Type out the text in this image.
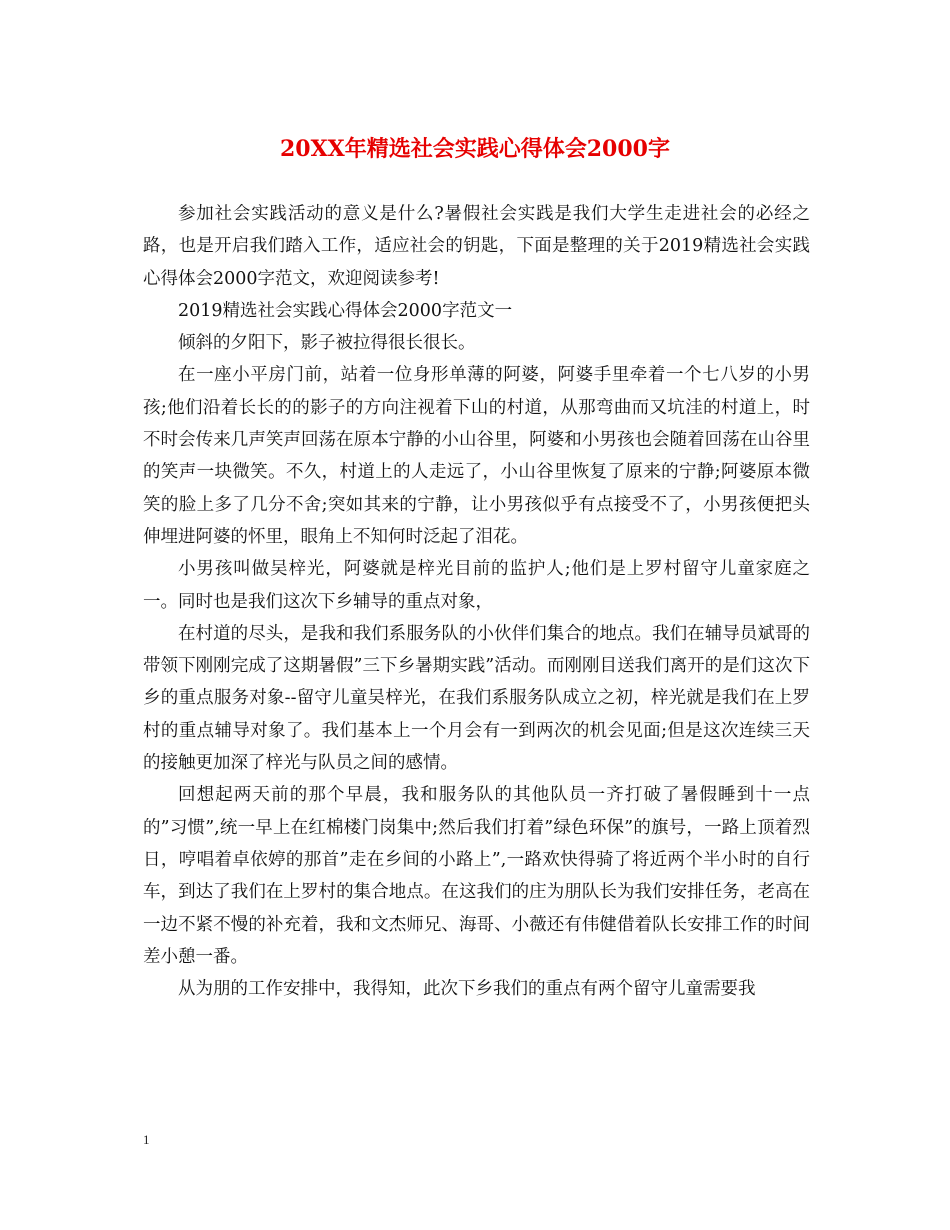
20XX年精选社会实践心得体会2000字

参加社会实践活动的意义是什么?暑假社会实践是我们大学生走进社会的必经之路，也是开启我们踏入工作，适应社会的钥匙，下面是整理的关于2019精选社会实践心得体会2000字范文，欢迎阅读参考!

2019精选社会实践心得体会2000字范文一

倾斜的夕阳下，影子被拉得很长很长。

在一座小平房门前，站着一位身形单薄的阿婆，阿婆手里牵着一个七八岁的小男孩;他们沿着长长的的影子的方向注视着下山的村道，从那弯曲而又坑洼的村道上，时不时会传来几声笑声回荡在原本宁静的小山谷里，阿婆和小男孩也会随着回荡在山谷里的笑声一块微笑。不久，村道上的人走远了，小山谷里恢复了原来的宁静;阿婆原本微笑的脸上多了几分不舍;突如其来的宁静，让小男孩似乎有点接受不了，小男孩便把头伸埋进阿婆的怀里，眼角上不知何时泛起了泪花。

小男孩叫做吴梓光，阿婆就是梓光目前的监护人;他们是上罗村留守儿童家庭之一。同时也是我们这次下乡辅导的重点对象，

在村道的尽头，是我和我们系服务队的小伙伴们集合的地点。我们在辅导员斌哥的带领下刚刚完成了这期暑假”三下乡暑期实践”活动。而刚刚目送我们离开的是们这次下乡的重点服务对象--留守儿童吴梓光，在我们系服务队成立之初，梓光就是我们在上罗村的重点辅导对象了。我们基本上一个月会有一到两次的机会见面;但是这次连续三天的接触更加深了梓光与队员之间的感情。

回想起两天前的那个早晨，我和服务队的其他队员一齐打破了暑假睡到十一点的”习惯”,统一早上在红棉楼门岗集中;然后我们打着”绿色环保”的旗号，一路上顶着烈日，哼唱着卓依婷的那首”走在乡间的小路上”,一路欢快得骑了将近两个半小时的自行车，到达了我们在上罗村的集合地点。在这我们的庄为朋队长为我们安排任务，老高在一边不紧不慢的补充着，我和文杰师兄、海哥、小薇还有伟健借着队长安排工作的时间差小憩一番。

从为朋的工作安排中，我得知，此次下乡我们的重点有两个留守儿童需要我

1
